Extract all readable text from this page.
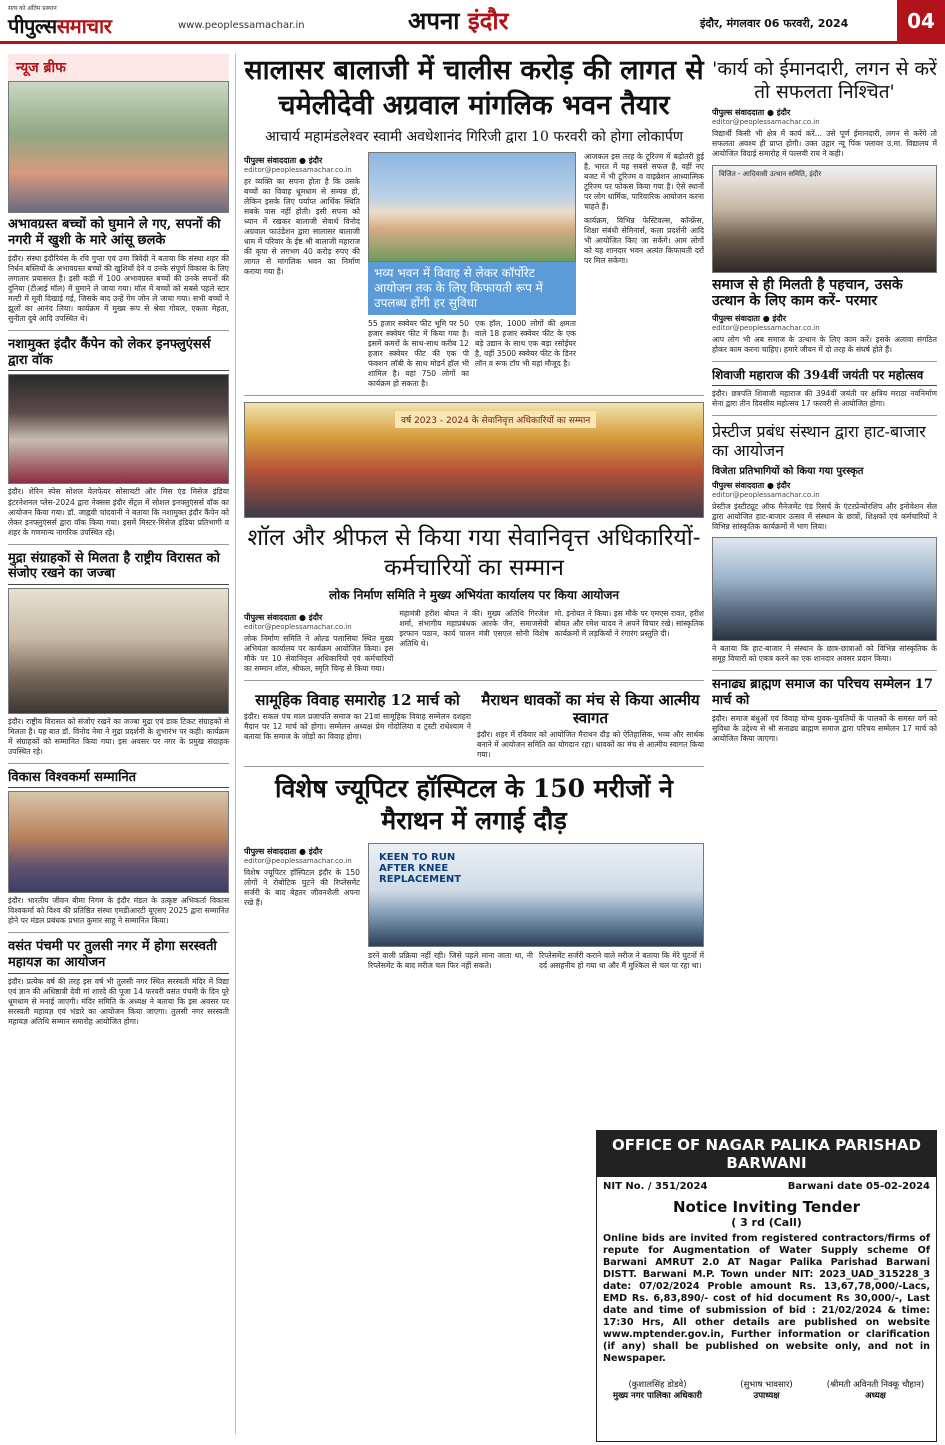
सत्य को अंतिम प्रस्थान
पीपुल्ससमाचार	www.peoplessamachar.in	अपना इंदौर	इंदौर, मंगलवार 06 फरवरी, 2024	04
न्यूज ब्रीफ
अभावग्रस्त बच्चों को घुमाने ले गए, सपनों की नगरी में खुशी के मारे आंसू छलके
इंदौर। संस्था इंदौरियंस के रवि गुप्ता एवं उमा त्रिवेदी ने बताया कि संस्था शहर की निर्धन बस्तियों के अभावग्रस्त बच्चों की खुशियों देने व उनके संपूर्ण विकास के लिए लगातार प्रयासरत है। इसी कड़ी में 100 अभावग्रस्त बच्चों की उनके सपनों की दुनिया (टीआई मॉल) में घुमाने ले जाया गया। मॉल में बच्चों को सबसे पहले स्टार मल्टी में मूवी दिखाई गई, जिसके बाद उन्हें गेम जोन ले जाया गया। सभी बच्चों ने झूलों का आनंद लिया। कार्यक्रम में मुख्य रूप से श्रेया गोयल, एकता मेहता, सुनीता दुबे आदि उपस्थित थे।
नशामुक्त इंदौर कैंपेन को लेकर इनफ्लुएंसर्स द्वारा वॉक
इंदौर। शेरिन स्पेस सोशल वेलफेयर सोसायटी और मिस एंड मिसेज इंडिया इंटरनेशनल प्लेस-2024 द्वारा नेक्सस इंदौर सेंट्रल में सोशल इनफ्लुएंसर्स वॉक का आयोजन किया गया। डॉ. जाह्नवी चांदवानी ने बताया कि नशामुक्त इंदौर कैंपेन को लेकर इनफ्लुएंसर्स द्वारा वॉक किया गया। इसमें मिस्टर-मिसेज इंडिया प्रतिभागी व शहर के गणमान्य नागरिक उपस्थित रहे।
मुद्रा संग्राहकों से मिलता है राष्ट्रीय विरासत को संजोए रखने का जज्बा
इंदौर। राष्ट्रीय विरासत को संजोए रखने का जज्बा मुद्रा एवं डाक टिकट संग्राहकों से मिलता है। यह बात डॉ. विनोद नेमा ने मुद्रा प्रदर्शनी के शुभारंभ पर कही। कार्यक्रम में संग्राहकों को सम्मानित किया गया। इस अवसर पर नगर के प्रमुख संग्राहक उपस्थित रहे।
विकास विश्वकर्मा सम्मानित
इंदौर। भारतीय जीवन बीमा निगम के इंदौर मंडल के उत्कृष्ट अभिकर्ता विकास विश्वकर्मा को विश्व की प्रतिष्ठित संस्था एमडीआरटी यूएसए 2025 द्वारा सम्मानित होने पर मंडल प्रबंधक प्रभात कुमार साहू ने सम्मानित किया।
वसंत पंचमी पर तुलसी नगर में होगा सरस्वती महायज्ञ का आयोजन
इंदौर। प्रत्येक वर्ष की तरह इस वर्ष भी तुलसी नगर स्थित सरस्वती मंदिर में विद्या एवं ज्ञान की अधिष्ठात्री देवी मां शारदे की पूजा 14 फरवरी वसंत पंचमी के दिन पूरे धूमधाम से मनाई जाएगी। मंदिर समिति के अध्यक्ष ने बताया कि इस अवसर पर सरस्वती महायज्ञ एवं भंडारे का आयोजन किया जाएगा। तुलसी नगर सरस्वती महायज्ञ अतिथि सम्मान समारोह आयोजित होगा।
सालासर बालाजी में चालीस करोड़ की लागत से चमेलीदेवी अग्रवाल मांगलिक भवन तैयार
आचार्य महामंडलेश्वर स्वामी अवधेशानंद गिरिजी द्वारा 10 फरवरी को होगा लोकार्पण
पीपुल्स संवाददाता ● इंदौर
editor@peoplessamachar.co.in
हर व्यक्ति का सपना होता है कि उसके बच्चों का विवाह धूमधाम से सम्पन्न हो, लेकिन इसके लिए पर्याप्त आर्थिक स्थिति सबके पास नहीं होती। इसी सपना को ध्यान में रखकर बालाजी सेवार्थ विनोद अग्रवाल फाउंडेशन द्वारा सालासर बालाजी धाम में परिवार के ईष्ट श्री बालाजी महाराज की कृपा से लगभग 40 करोड़ रुपए की लागत से मांगलिक भवन का निर्माण कराया गया है।	भव्य भवन में विवाह से लेकर कॉर्पोरेट आयोजन तक के लिए किफायती रूप में उपलब्ध होंगी हर सुविधा
55 हजार स्क्वेयर फीट भूमि पर 50 हजार स्क्वेयर फीट में किया गया है। इसमें कमरों के साथ-साथ करीब 12 हजार स्क्वेयर फीट की एक पी फंक्शन लॉबी के साथ मोडर्न हॉल भी शामिल है। यहां 750 लोगों का कार्यक्रम हो सकता है।
एक हॉल, 1000 लोगों की क्षमता वाले 18 हजार स्क्वेयर फीट के एक बड़े उद्यान के साथ एक बड़ा रसोईघर है, वहीं 3500 स्क्वेयर फीट के डिनर लॉन व रूफ टॉप भी यहां मौजूद है।
आजकल इस तरह के टूरिज्म में बढ़ोतरी हुई है, भारत में यह सबसे सफल है, वहीं नए बजट में भी टूरिज्म व वाइब्रेशन आध्यात्मिक टूरिज्म पर फोकस किया गया है। ऐसे स्थानों पर लोग धार्मिक, पारिवारिक आयोजन करना चाहते हैं।
कार्यक्रम, विभिन्न फेस्टिवल्स, कॉन्फ्रेंस, शिक्षा संबंधी सेमिनार्स, कला प्रदर्शनी आदि भी आयोजित किए जा सकेंगे। आम लोगों को यह शानदार भवन अत्यंत किफायती दरों पर मिल सकेगा।
वर्ष 2023 - 2024 के सेवानिवृत्त अधिकारियों का सम्मान
शॉल और श्रीफल से किया गया सेवानिवृत्त अधिकारियों-कर्मचारियों का सम्मान
लोक निर्माण समिति ने मुख्य अभियंता कार्यालय पर किया आयोजन
पीपुल्स संवाददाता ● इंदौर
editor@peoplessamachar.co.in
लोक निर्माण समिति ने ओल्ड पलासिया स्थित मुख्य अभियंता कार्यालय पर कार्यक्रम आयोजित किया। इस मौके पर 10 सेवानिवृत्त अधिकारियों एवं कर्मचारियों का सम्मान शॉल, श्रीफल, स्मृति चिन्ह से किया गया।
महामंत्री हरीश बोयत ने की। मुख्य अतिथि गिरजेश शर्मा, संभागीय महाप्रबंधक आरके जैन, समाजसेवी इरफान पठान, कार्य पालन मंत्री एसएल सोनी विशेष अतिथि थे।
मो. इनोयत ने किया। इस मौके पर एमएस रावत, हरीश बोयत और रमेश यादव ने अपने विचार रखे। सांस्कृतिक कार्यक्रमों में लड़कियों ने रंगारंग प्रस्तुति दी।
सामूहिक विवाह समारोह 12 मार्च को
इंदौर। सकल पंच माल प्रजापति समाज का 21वां सामूहिक विवाह सम्मेलन दशहरा मैदान पर 12 मार्च को होगा। सम्मेलन अध्यक्ष प्रेम गोदोलिया व ट्रस्टी राधेश्याम ने बताया कि समाज के जोड़ों का विवाह होगा।
मैराथन धावकों का मंच से किया आत्मीय स्वागत
इंदौर। शहर में रविवार को आयोजित मैराथन दौड़ को ऐतिहासिक, भव्य और सार्थक बनाने में आयोजन समिति का योगदान रहा। धावकों का मंच से आत्मीय स्वागत किया गया।
विशेष ज्यूपिटर हॉस्पिटल के 150 मरीजों ने मैराथन में लगाई दौड़
पीपुल्स संवाददाता ● इंदौर
editor@peoplessamachar.co.in
विशेष ज्यूपिटर हॉस्पिटल इंदौर के 150 लोगों ने रोबोटिक घुटने की रिप्लेसमेंट सर्जरी के बाद बेहतर जीवनशैली अपना रखे हैं।
KEEN TO RUN AFTER KNEE REPLACEMENT
डरने वाली प्रक्रिया नहीं रही। जिसे पहले माना जाता था, नी रिप्लेसमेंट के बाद मरीज चल फिर नहीं सकते।
रिप्लेसमेंट सर्जरी कराने वाले मरीज ने बताया कि मेरे घुटनों में दर्द असहनीय हो गया था और मैं मुश्किल से चल पा रहा था।
'कार्य को ईमानदारी, लगन से करें तो सफलता निश्चित'
पीपुल्स संवाददाता ● इंदौर
editor@peoplessamachar.co.in
विद्यार्थी किसी भी क्षेत्र में कार्य करें... उसे पूर्ण ईमानदारी, लगन से करेंगे तो सफलता अवश्य ही प्राप्त होगी। उक्त उद्गार न्यू पिंक फ्लावर उ.मा. विद्यालय में आयोजित विदाई समारोह में पल्लवी राय ने कही।
विजित - आदिवासी उत्थान समिति, इंदौर
समाज से ही मिलती है पहचान, उसके उत्थान के लिए काम करें- परमार
पीपुल्स संवादाता ● इंदौर
editor@peoplessamachar.co.in
आप लोग भी अब समाज के उत्थान के लिए काम करें। इसके अलावा संगठित होकर काम करना चाहिए। हमारे जीवन में दो तरह के संघर्ष होते हैं।
शिवाजी महाराज की 394वीं जयंती पर महोत्सव
इंदौर। छत्रपति शिवाजी महाराज की 394वीं जयंती पर क्षत्रिय मराठा नवनिर्माण सेना द्वारा तीन दिवसीय महोत्सव 17 फरवरी से आयोजित होगा।
प्रेस्टीज प्रबंध संस्थान द्वारा हाट-बाजार का आयोजन
विजेता प्रतिभागियों को किया गया पुरस्कृत
पीपुल्स संवाददाता ● इंदौर
editor@peoplessamachar.co.in
प्रेस्टीज इंस्टीट्यूट ऑफ मैनेजमेंट एंड रिसर्च के एंटरप्रेन्योरशिप और इनोवेशन सेल द्वारा आयोजित हाट-बाजार उत्सव में संस्थान के छात्रों, शिक्षकों एवं कर्मचारियों ने विभिन्न सांस्कृतिक कार्यक्रमों में भाग लिया।
ने बताया कि हाट-बाजार ने संस्थान के छात्र-छात्राओं को विभिन्न सांस्कृतिक के समूह विचारों को एकत्र करने का एक शानदार अवसर प्रदान किया।
सनाढ्य ब्राह्मण समाज का परिचय सम्मेलन 17 मार्च को
इंदौर। समाज बंधुओं एवं विवाह योग्य युवक-युवतियों के पालकों के समस्त वर्ग को सुविधा के उद्देश्य से श्री सनाढ्य ब्राह्मण समाज द्वारा परिचय सम्मेलन 17 मार्च को आयोजित किया जाएगा।
OFFICE OF NAGAR PALIKA PARISHAD BARWANI
NIT No. / 351/2024	Barwani date 05-02-2024
Notice Inviting Tender
( 3 rd (Call)
Online bids are invited from registered contractors/firms of repute for Augmentation of Water Supply scheme Of Barwani AMRUT 2.0 AT Nagar Palika Parishad Barwani DISTT. Barwani M.P. Town under NIT: 2023_UAD_315228_3 date: 07/02/2024 Proble amount Rs. 13,67,78,000/-Lacs, EMD Rs. 6,83,890/- cost of hid document Rs 30,000/-, Last date and time of submission of bid : 21/02/2024 & time: 17:30 Hrs, All other details are published on website www.mptender.gov.in, Further information or clarification (if any) shall be published on website only, and not in Newspaper.
(कुशालसिंह डोडवे)
मुख्य नगर पालिका अधिकारी
(सुभाष भावसार)
उपाध्यक्ष
(श्रीमती अविनती निक्कू चौहान)
अध्यक्ष
